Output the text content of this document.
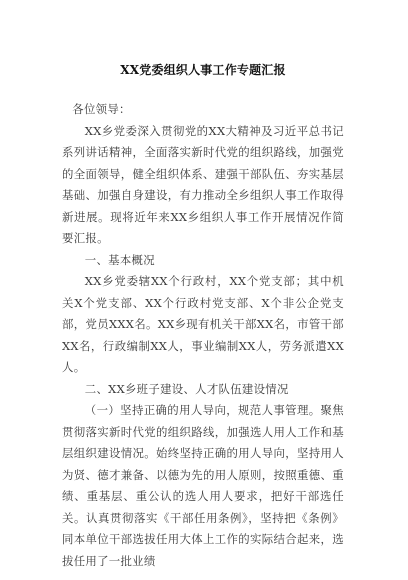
XX党委组织人事工作专题汇报

各位领导：

XX乡党委深入贯彻党的XX大精神及习近平总书记系列讲话精神，全面落实新时代党的组织路线，加强党的全面领导，健全组织体系、建强干部队伍、夯实基层基础、加强自身建设，有力推动全乡组织人事工作取得新进展。现将近年来XX乡组织人事工作开展情况作简要汇报。

一、基本概况

XX乡党委辖XX个行政村，XX个党支部；其中机关X个党支部、XX个行政村党支部、X个非公企党支部，党员XXX名。XX乡现有机关干部XX名，市管干部XX名，行政编制XX人，事业编制XX人，劳务派遣XX人。

二、XX乡班子建设、人才队伍建设情况

（一）坚持正确的用人导向，规范人事管理。聚焦贯彻落实新时代党的组织路线，加强选人用人工作和基层组织建设情况。始终坚持正确的用人导向，坚持用人为贤、德才兼备、以德为先的用人原则，按照重德、重绩、重基层、重公认的选人用人要求，把好干部选任关。认真贯彻落实《干部任用条例》，坚持把《条例》同本单位干部选拔任用大体上工作的实际结合起来，选拔任用了一批业绩
